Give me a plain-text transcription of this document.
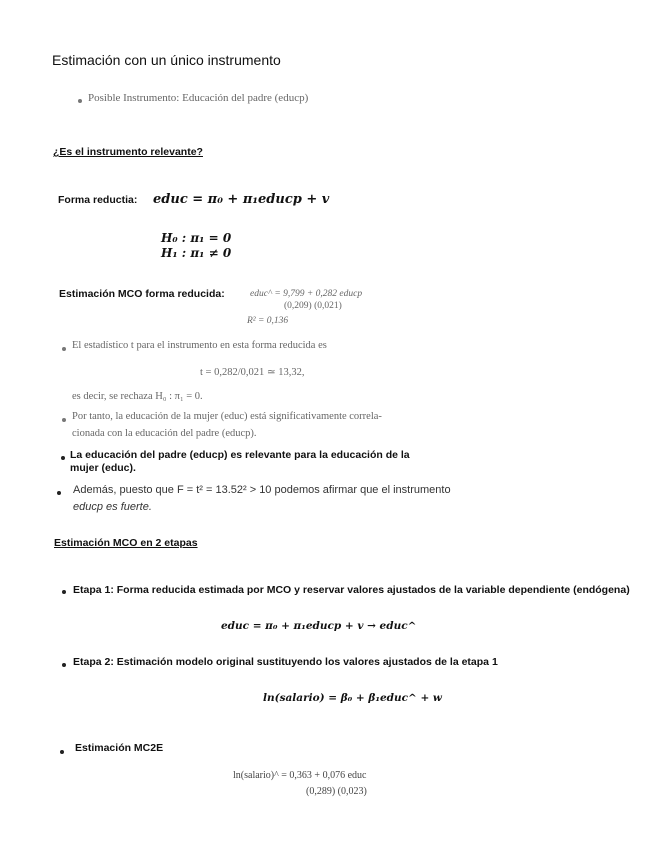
Estimación con un único instrumento
Posible Instrumento: Educación del padre (educp)
¿Es el instrumento relevante?
Forma reductia: educ = π₀ + π₁educp + v
H₀ : π₁ = 0
H₁ : π₁ ≠ 0
Estimación MCO forma reducida:	educ^ = 9,799 + 0,282 educp
(0,209) (0,021)
R² = 0,136
El estadístico t para el instrumento en esta forma reducida es
t = 0,282/0,021 ≃ 13,32,
es decir, se rechaza H₀ : π₁ = 0.
Por tanto, la educación de la mujer (educ) está significativamente correla-
cionada con la educación del padre (educp).
La educación del padre (educp) es relevante para la educación de la
mujer (educ).
Además, puesto que F = t² = 13.52² > 10 podemos afirmar que el instrumento
educp es fuerte.
Estimación MCO en 2 etapas
Etapa 1: Forma reducida estimada por MCO y reservar valores ajustados de la variable dependiente (endógena)
educ = π₀ + π₁educp + v → educ^
Etapa 2: Estimación modelo original sustituyendo los valores ajustados de la etapa 1
ln(salario) = β₀ + β₁educ^ + w
Estimación MC2E
ln(salario)^ = 0,363 + 0,076 educ
(0,289) (0,023)
